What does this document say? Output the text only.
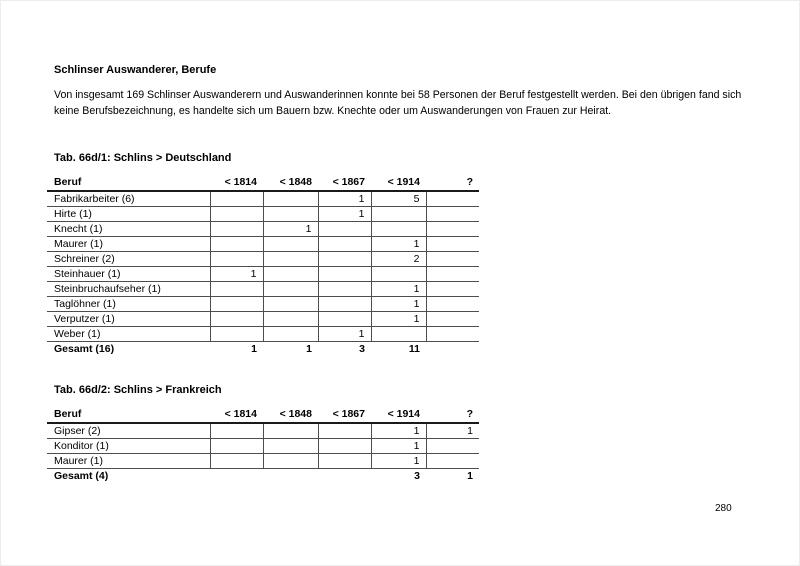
Schlinser Auswanderer, Berufe

Von insgesamt 169 Schlinser Auswanderern und Auswanderinnen konnte bei 58 Personen der Beruf festgestellt werden. Bei den übrigen fand sich keine Berufsbezeichnung, es handelte sich um Bauern bzw. Knechte oder um Auswanderungen von Frauen zur Heirat.

Tab. 66d/1: Schlins > Deutschland
Beruf	< 1814	< 1848	< 1867	< 1914	?
Fabrikarbeiter (6)			1	5	
Hirte (1)			1		
Knecht (1)		1			
Maurer (1)				1	
Schreiner (2)				2	
Steinhauer (1)	1				
Steinbruchaufseher (1)				1	
Taglöhner (1)				1	
Verputzer (1)				1	
Weber (1)			1		
Gesamt (16)	1	1	3	11	
Tab. 66d/2: Schlins > Frankreich
Beruf	< 1814	< 1848	< 1867	< 1914	?
Gipser (2)				1	1
Konditor (1)				1	
Maurer (1)				1	
Gesamt (4)				3	1
280
